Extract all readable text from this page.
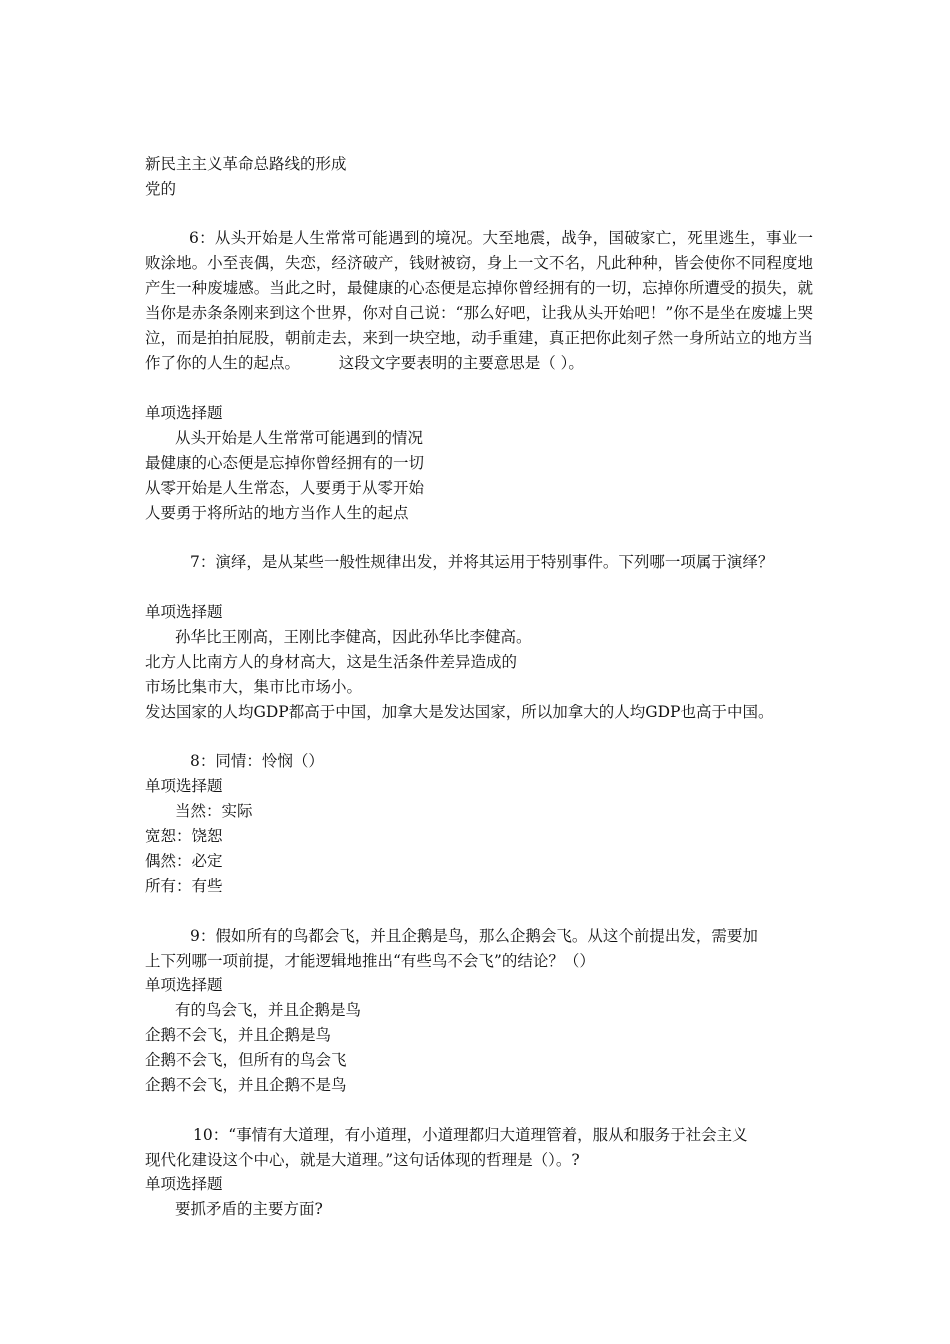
新民主主义革命总路线的形成
党的
6：从头开始是人生常常可能遇到的境况。大至地震，战争，国破家亡，死里逃生，事业一败涂地。小至丧偶，失恋，经济破产，钱财被窃，身上一文不名，凡此种种，皆会使你不同程度地产生一种废墟感。当此之时，最健康的心态便是忘掉你曾经拥有的一切，忘掉你所遭受的损失，就当你是赤条条刚来到这个世界，你对自己说：“那么好吧，让我从头开始吧！”你不是坐在废墟上哭泣，而是拍拍屁股，朝前走去，来到一块空地，动手重建，真正把你此刻孑然一身所站立的地方当作了你的人生的起点。　　　这段文字要表明的主要意思是（ ）。
单项选择题
从头开始是人生常常可能遇到的情况
最健康的心态便是忘掉你曾经拥有的一切
从零开始是人生常态，人要勇于从零开始
人要勇于将所站的地方当作人生的起点
7：演绎，是从某些一般性规律出发，并将其运用于特别事件。下列哪一项属于演绎？
单项选择题
孙华比王刚高，王刚比李健高，因此孙华比李健高。
北方人比南方人的身材高大，这是生活条件差异造成的
市场比集市大，集市比市场小。
发达国家的人均GDP都高于中国，加拿大是发达国家，所以加拿大的人均GDP也高于中国。
8：同情：怜悯（）
单项选择题
当然：实际
宽恕：饶恕
偶然：必定
所有：有些
9：假如所有的鸟都会飞，并且企鹅是鸟，那么企鹅会飞。从这个前提出发，需要加
上下列哪一项前提，才能逻辑地推出“有些鸟不会飞”的结论？（）
单项选择题
有的鸟会飞，并且企鹅是鸟
企鹅不会飞，并且企鹅是鸟
企鹅不会飞，但所有的鸟会飞
企鹅不会飞，并且企鹅不是鸟
10：“事情有大道理，有小道理，小道理都归大道理管着，服从和服务于社会主义
现代化建设这个中心，就是大道理。”这句话体现的哲理是（）。?
单项选择题
要抓矛盾的主要方面?
